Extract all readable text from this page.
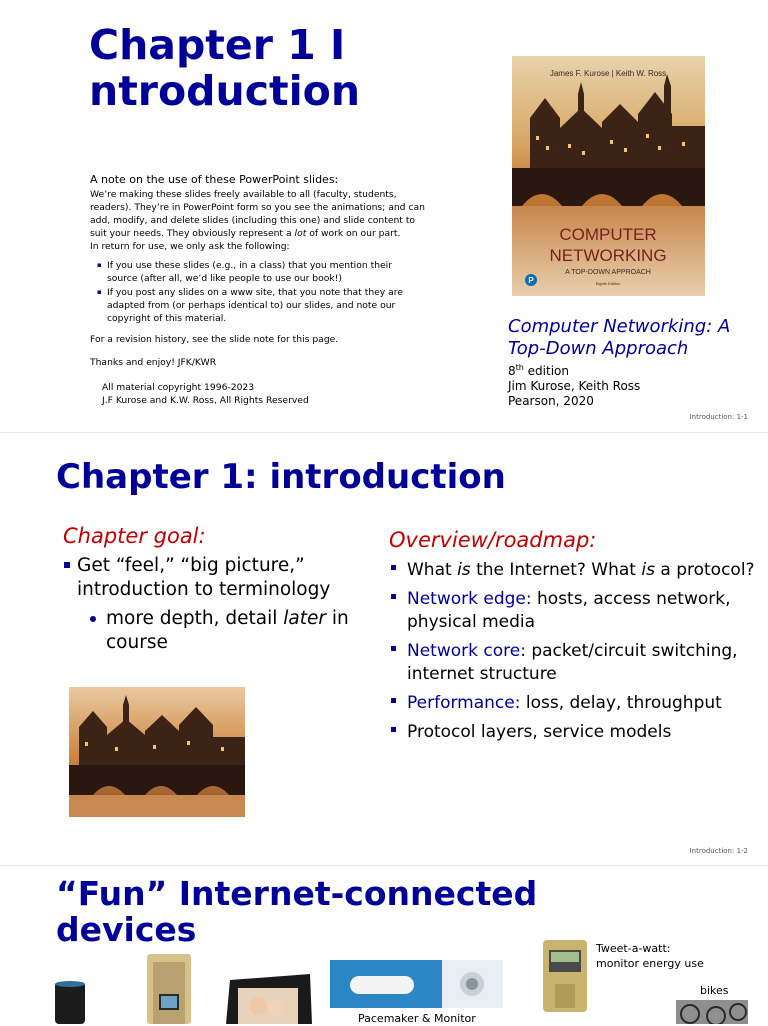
Chapter 1 Introduction

A note on the use of these PowerPoint slides:

We’re making these slides freely available to all (faculty, students, readers). They’re in PowerPoint form so you see the animations; and can add, modify, and delete slides (including this one) and slide content to suit your needs. They obviously represent a lot of work on our part.

In return for use, we only ask the following:

▪ If you use these slides (e.g., in a class) that you mention their source (after all, we’d like people to use our book!)
▪ If you post any slides on a www site, that you note that they are adapted from (or perhaps identical to) our slides, and note our copyright of this material.

For a revision history, see the slide note for this page.

Thanks and enjoy! JFK/KWR

All material copyright 1996-2023
J.F Kurose and K.W. Ross, All Rights Reserved
James F. Kurose | Keith W. Ross
COMPUTER
NETWORKING
A TOP-DOWN APPROACH
Eighth Edition
P
Computer Networking: A Top-Down Approach
8th edition
Jim Kurose, Keith Ross
Pearson, 2020
Introduction: 1-1
Chapter 1: introduction
Chapter goal:
Get “feel,” “big picture,” introduction to terminology
more depth, detail later in course
Overview/roadmap:
What is the Internet? What is a protocol?
Network edge: hosts, access network, physical media
Network core: packet/circuit switching, internet structure
Performance: loss, delay, throughput
Protocol layers, service models
Introduction: 1-2
“Fun” Internet-connected devices
Pacemaker & Monitor
Tweet-a-watt:
monitor energy use
bikes
